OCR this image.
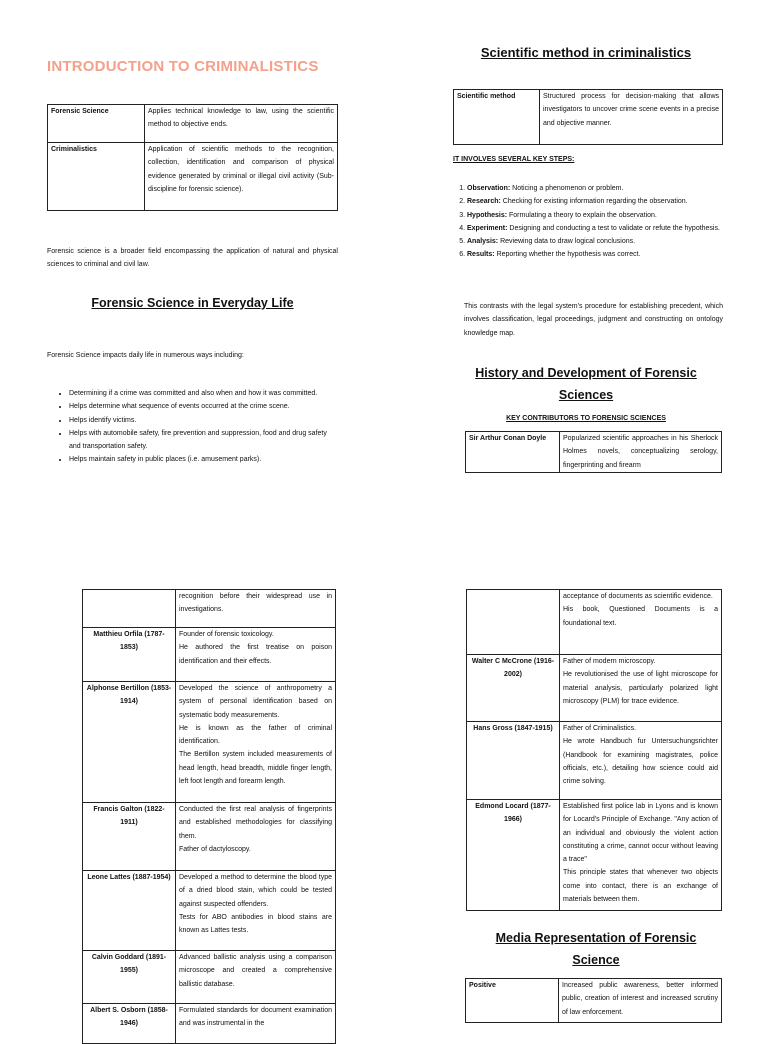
INTRODUCTION TO CRIMINALISTICS
Forensic Science	Applies technical knowledge to law, using the scientific method to objective ends.
Criminalistics	Application of scientific methods to the recognition, collection, identification and comparison of physical evidence generated by criminal or illegal civil activity (Sub-discipline for forensic science).
Forensic science is a broader field encompassing the application of natural and physical sciences to criminal and civil law.
Forensic Science in Everyday Life
Forensic Science impacts daily life in numerous ways including:
• Determining if a crime was committed and also when and how it was committed.
• Helps determine what sequence of events occurred at the crime scene.
• Helps identify victims.
• Helps with automobile safety, fire prevention and suppression, food and drug safety and transportation safety.
• Helps maintain safety in public places (i.e. amusement parks).
Scientific method in criminalistics
Scientific method	Structured process for decision-making that allows investigators to uncover crime scene events in a precise and objective manner.
IT INVOLVES SEVERAL KEY STEPS:
1. Observation: Noticing a phenomenon or problem.
2. Research: Checking for existing information regarding the observation.
3. Hypothesis: Formulating a theory to explain the observation.
4. Experiment: Designing and conducting a test to validate or refute the hypothesis.
5. Analysis: Reviewing data to draw logical conclusions.
6. Results: Reporting whether the hypothesis was correct.
This contrasts with the legal system's procedure for establishing precedent, which involves classification, legal proceedings, judgment and constructing on ontology knowledge map.
History and Development of Forensic
Sciences
KEY CONTRIBUTORS TO FORENSIC SCIENCES
Sir Arthur Conan Doyle	Popularized scientific approaches in his Sherlock Holmes novels, conceptualizing serology, fingerprinting and firearm
	recognition before their widespread use in investigations.
Matthieu Orfila (1787-1853)	Founder of forensic toxicology.
He authored the first treatise on poison identification and their effects.

Alphonse Bertillon (1853-1914)	Developed the science of anthropometry a system of personal identification based on systematic body measurements.
He is known as the father of criminal identification.
The Bertillon system included measurements of head length, head breadth, middle finger length, left foot length and forearm length.

Francis Galton (1822-1911)	Conducted the first real analysis of fingerprints and established methodologies for classifying them.
Father of dactyloscopy.

Leone Lattes (1887-1954)	Developed a method to determine the blood type of a dried blood stain, which could be tested against suspected offenders.
Tests for ABO antibodies in blood stains are known as Lattes tests.

Calvin Goddard (1891-1955)	Advanced ballistic analysis using a comparison microscope and created a comprehensive ballistic database.

Albert S. Osborn (1858-1946)	Formulated standards for document examination and was instrumental in the

	acceptance of documents as scientific evidence.
His book, Questioned Documents is a foundational text.

Walter C McCrone (1916-2002)	Father of modern microscopy.
He revolutionised the use of light microscope for material analysis, particularly polarized light microscopy (PLM) for trace evidence.

Hans Gross (1847-1915)	Father of Criminalistics.
He wrote Handbuch fur Untersuchungsrichter (Handbook for examining magistrates, police officials, etc.), detailing how science could aid crime solving.

Edmond Locard (1877-1966)	Established first police lab in Lyons and is known for Locard's Principle of Exchange. "Any action of an individual and obviously the violent action constituting a crime, cannot occur without leaving a trace"
This principle states that whenever two objects come into contact, there is an exchange of materials between them.
Media Representation of Forensic
Science
Positive	Increased public awareness, better informed public, creation of interest and increased scrutiny of law enforcement.
